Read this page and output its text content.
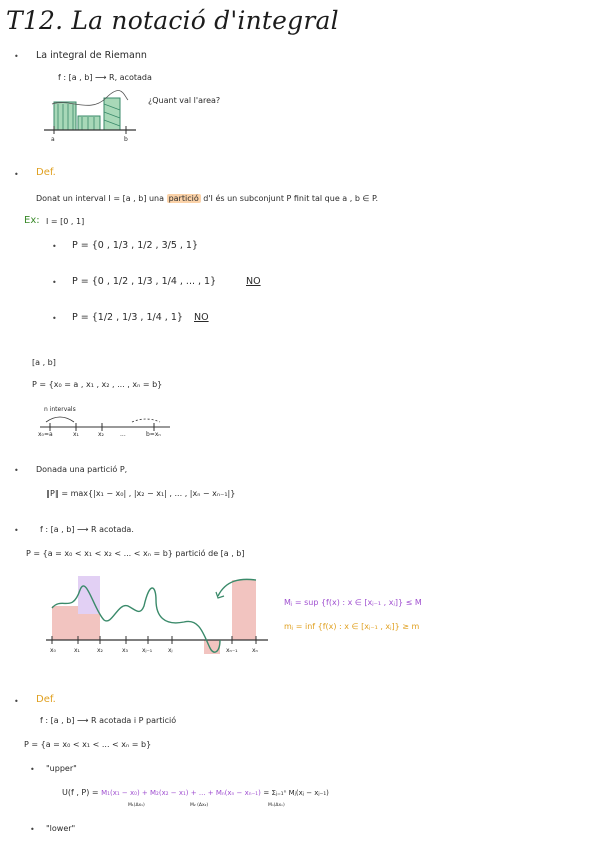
T12. La notació d'integral
• La integral de Riemann
f : [a , b] ⟶ R, acotada
a	b
¿Quant val l'area?
• Def.
Donat un interval I = [a , b] una partició d'I és un subconjunt P finit tal que a , b ∈ P.
Ex: I = [0 , 1]
• P = {0 , 1/3 , 1/2 , 3/5 , 1}
• P = {0 , 1/2 , 1/3 , 1/4 , ... , 1}	NO
• P = {1/2 , 1/3 , 1/4 , 1} NO
[a , b]
P = {x₀ = a , x₁ , x₂ , ... , xₙ = b}
n intervals
x₀=a	x₁	x₂	...	b=xₙ
• Donada una partició P,
‖P‖ = max{|x₁ − x₀| , |x₂ − x₁| , ... , |xₙ − xₙ₋₁|}
•	f : [a , b] ⟶ R acotada.
P = {a = x₀ < x₁ < x₂ < ... < xₙ = b} partició de [a , b]
x₀	x₁	x₂	x₃ xⱼ₋₁	xⱼ	xₙ₋₁ xₙ
Mⱼ = sup {f(x) : x ∈ [xⱼ₋₁ , xⱼ]} ≤ M
mⱼ = inf {f(x) : x ∈ [xⱼ₋₁ , xⱼ]} ≥ m
• Def.
f : [a , b] ⟶ R acotada i P partició
P = {a = x₀ < x₁ < ... < xₙ = b}
• "upper"
U(f , P) = M₁(x₁ − x₀) + M₂(x₂ − x₁) + ... + Mₙ(xₙ − xₙ₋₁) = Σⱼ₌₁ⁿ Mⱼ(xⱼ − xⱼ₋₁)
M₁(Δx₁)	M₂ (Δx₂)	Mₙ(Δxₙ)
• "lower"
